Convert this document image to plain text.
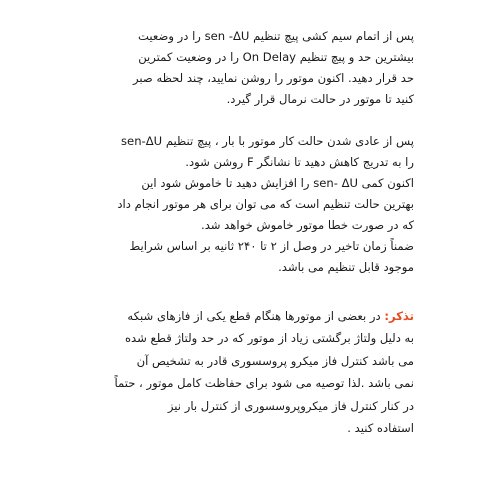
پس از اتمام سیم کشی پیچ تنظیم sen -ΔU را در وضعیت
بیشترین حد و پیچ تنظیم On Delay را در وضعیت کمترین
حد قرار دهید. اکنون موتور را روشن نمایید، چند لحظه صبر
کنید تا موتور در حالت نرمال قرار گیرد.
پس از عادی شدن حالت کار موتور با بار ، پیچ تنظیم sen-ΔU
را به تدریج کاهش دهید تا نشانگر F روشن شود.
اکنون کمی sen- ΔU را افزایش دهید تا خاموش شود این
بهترین حالت تنظیم است که می توان برای هر موتور انجام داد
که در صورت خطا موتور خاموش خواهد شد.
ضمناً زمان تاخیر در وصل از ۲ تا ۲۴۰ ثانیه بر اساس شرایط
موجود قابل تنظیم می باشد.
تذکر: در بعضی از موتورها هنگام قطع یکی از فازهای شبکه
به دلیل ولتاژ برگشتی زیاد از موتور که در حد ولتاژ قطع شده
می باشد کنترل فاز میکرو پروسسوری قادر به تشخیص آن
نمی باشد .لذا توصیه می شود برای حفاظت کامل موتور ، حتماً
در کنار کنترل فاز میکروپروسسوری از کنترل بار نیز
استفاده کنید .
